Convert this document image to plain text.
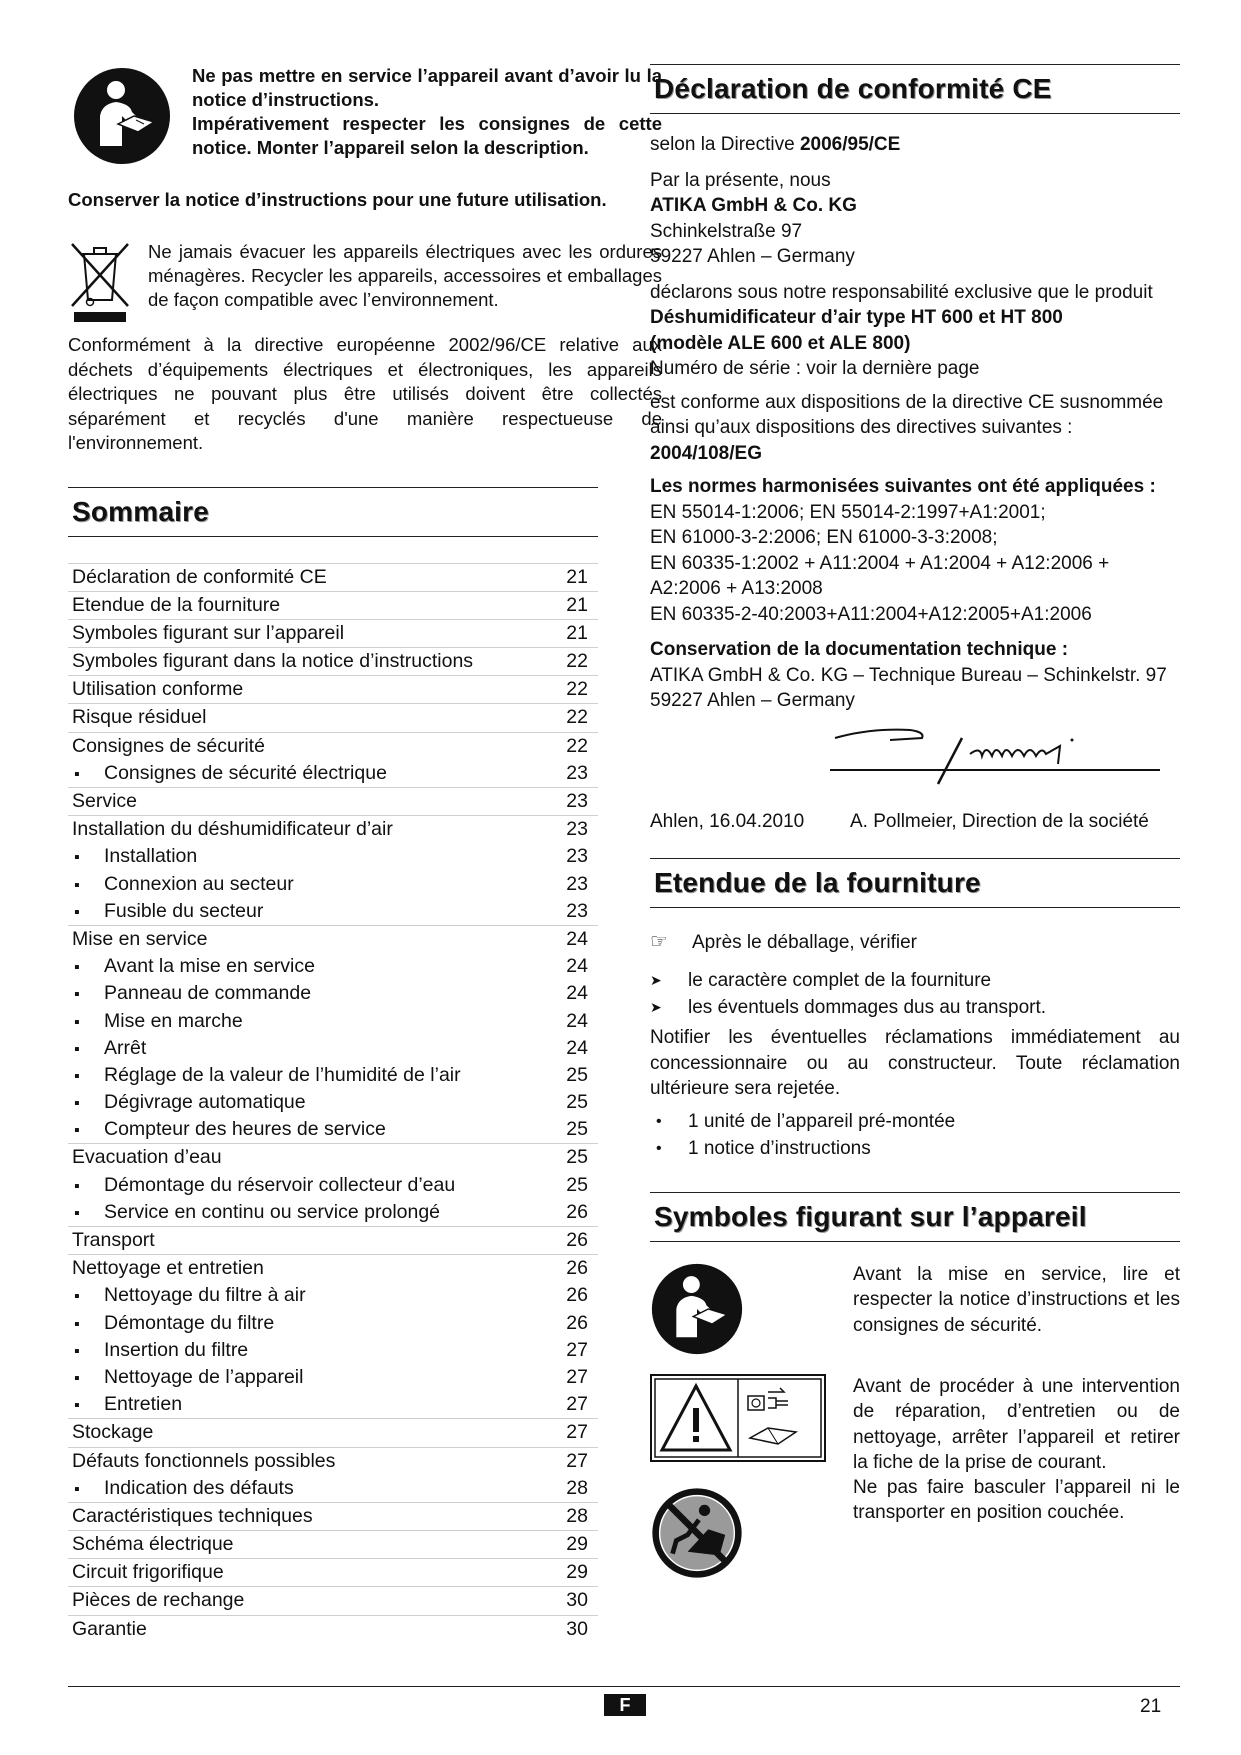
Ne pas mettre en service l’appareil avant d’avoir lu la notice d’instructions.

Impérativement respecter les consignes de cette notice. Monter l’appareil selon la description.

Conserver la notice d’instructions pour une future utilisation.
Ne jamais évacuer les appareils électriques avec les ordures ménagères. Recycler les appareils, accessoires et emballages de façon compatible avec l’environnement.
Conformément à la directive européenne 2002/96/CE relative aux déchets d’équipements électriques et électroniques, les appareils électriques ne pouvant plus être utilisés doivent être collectés séparément et recyclés d'une manière respectueuse de l'environnement.
Sommaire
Déclaration de conformité CE	21
Etendue de la fourniture	21
Symboles figurant sur l’appareil	21
Symboles figurant dans la notice d’instructions	22
Utilisation conforme	22
Risque résiduel	22
Consignes de sécurité	22
▪ Consignes de sécurité électrique	23
Service	23
Installation du déshumidificateur d’air	23
▪ Installation	23
▪ Connexion au secteur	23
▪ Fusible du secteur	23
Mise en service	24
▪ Avant la mise en service	24
▪ Panneau de commande	24
▪ Mise en marche	24
▪ Arrêt	24
▪ Réglage de la valeur de l’humidité de l’air	25
▪ Dégivrage automatique	25
▪ Compteur des heures de service	25
Evacuation d’eau	25
▪ Démontage du réservoir collecteur d’eau	25
▪ Service en continu ou service prolongé	26
Transport	26
Nettoyage et entretien	26
▪ Nettoyage du filtre à air	26
▪ Démontage du filtre	26
▪ Insertion du filtre	27
▪ Nettoyage de l’appareil	27
▪ Entretien	27
Stockage	27
Défauts fonctionnels possibles	27
▪ Indication des défauts	28
Caractéristiques techniques	28
Schéma électrique	29
Circuit frigorifique	29
Pièces de rechange	30
Garantie	30
Déclaration de conformité CE
selon la Directive 2006/95/CE
Par la présente, nous
ATIKA GmbH & Co. KG
Schinkelstraße 97
59227 Ahlen – Germany
déclarons sous notre responsabilité exclusive que le produit
Déshumidificateur d’air type HT 600 et HT 800
(modèle ALE 600 et ALE 800)
Numéro de série : voir la dernière page
est conforme aux dispositions de la directive CE susnommée ainsi qu’aux dispositions des directives suivantes :
2004/108/EG
Les normes harmonisées suivantes ont été appliquées :
EN 55014-1:2006; EN 55014-2:1997+A1:2001;
EN 61000-3-2:2006; EN 61000-3-3:2008;
EN 60335-1:2002 + A11:2004 + A1:2004 + A12:2006 +
A2:2006 + A13:2008
EN 60335-2-40:2003+A11:2004+A12:2005+A1:2006
Conservation de la documentation technique :
ATIKA GmbH & Co. KG – Technique Bureau – Schinkelstr. 97
59227 Ahlen – Germany
Ahlen, 16.04.2010	A. Pollmeier, Direction de la société
Etendue de la fourniture
☞	Après le déballage, vérifier
➤	le caractère complet de la fourniture
➤	les éventuels dommages dus au transport.
Notifier les éventuelles réclamations immédiatement au concessionnaire ou au constructeur. Toute réclamation ultérieure sera rejetée.
•	1 unité de l’appareil pré-montée
•	1 notice d’instructions
Symboles figurant sur l’appareil
Avant la mise en service, lire et respecter la notice d’instructions et les consignes de sécurité.
Avant de procéder à une intervention de réparation, d’entretien ou de nettoyage, arrêter l’appareil et retirer la fiche de la prise de courant.
Ne pas faire basculer l’appareil ni le transporter en position couchée.
F	21
